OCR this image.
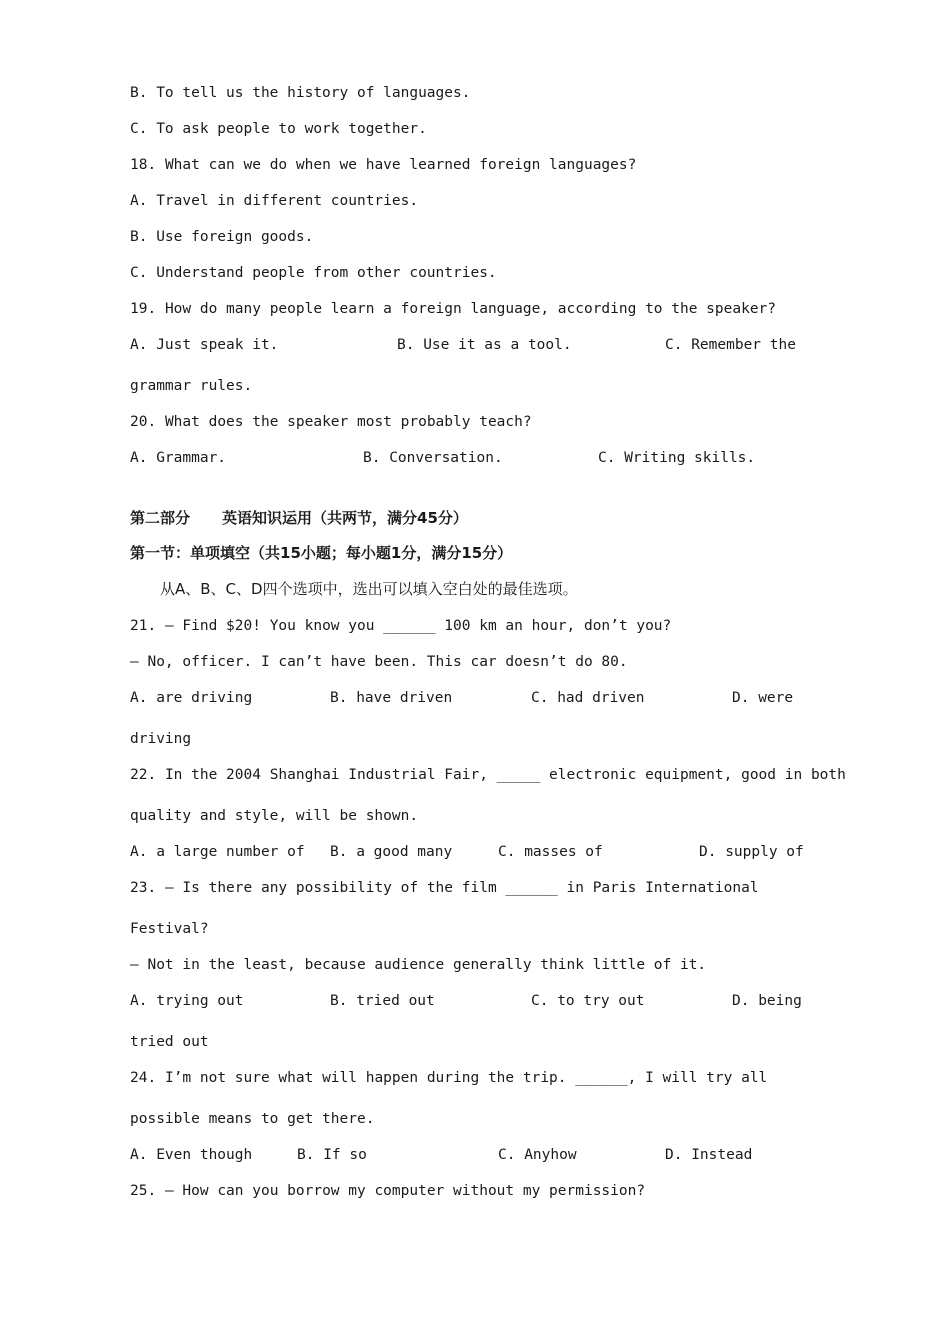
B. To tell us the history of languages.
C. To ask people to work together.
18. What can we do when we have learned foreign languages?
A. Travel in different countries.
B. Use foreign goods.
C. Understand people from other countries.
19. How do many people learn a foreign language, according to the speaker?
A. Just speak it.	B. Use it as a tool.	C. Remember the
grammar rules.
20. What does the speaker most probably teach?
A. Grammar.	B. Conversation.	C. Writing skills.
第二部分 英语知识运用（共两节，满分45分）
第一节：单项填空（共15小题；每小题1分，满分15分）
从A、B、C、D四个选项中，选出可以填入空白处的最佳选项。
21. — Find $20! You know you ______ 100 km an hour, don’t you?
— No, officer. I can’t have been. This car doesn’t do 80.
A. are driving	B. have driven	C. had driven	D. were
driving
22. In the 2004 Shanghai Industrial Fair, _____ electronic equipment, good in both
quality and style, will be shown.
A. a large number of B. a good many	C. masses of	D. supply of
23. — Is there any possibility of the film ______ in Paris International
Festival?
— Not in the least, because audience generally think little of it.
A. trying out	B. tried out	C. to try out	D. being
tried out
24. I’m not sure what will happen during the trip. ______, I will try all
possible means to get there.
A. Even though	B. If so	C. Anyhow	D. Instead
25. — How can you borrow my computer without my permission?
